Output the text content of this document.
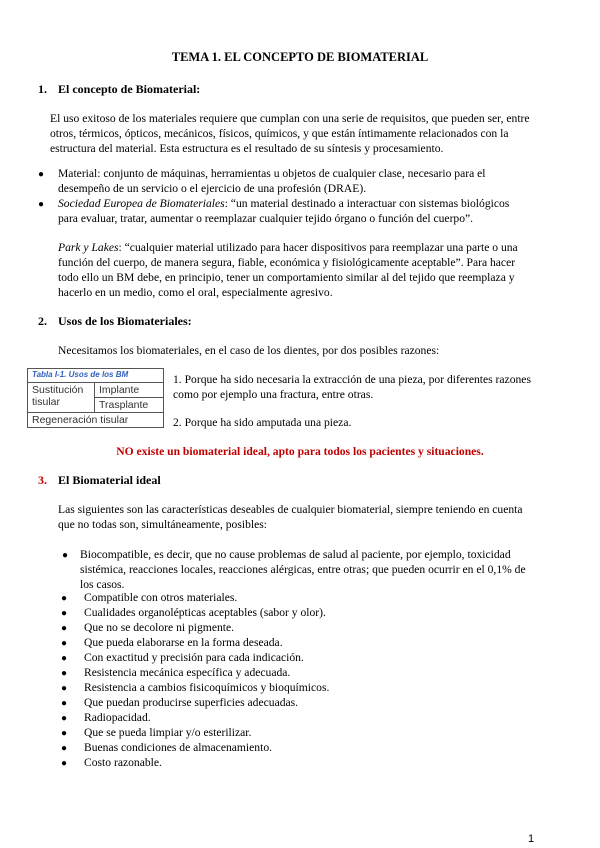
TEMA 1. EL CONCEPTO DE BIOMATERIAL
1. El concepto de Biomaterial:
El uso exitoso de los materiales requiere que cumplan con una serie de requisitos, que pueden ser, entre
otros, térmicos, ópticos, mecánicos, físicos, químicos, y que están íntimamente relacionados con la
estructura del material. Esta estructura es el resultado de su síntesis y procesamiento.
● Material: conjunto de máquinas, herramientas u objetos de cualquier clase, necesario para el
desempeño de un servicio o el ejercicio de una profesión (DRAE).
● Sociedad Europea de Biomateriales: “un material destinado a interactuar con sistemas biológicos
para evaluar, tratar, aumentar o reemplazar cualquier tejido órgano o función del cuerpo”.
Park y Lakes: “cualquier material utilizado para hacer dispositivos para reemplazar una parte o una
función del cuerpo, de manera segura, fiable, económica y fisiológicamente aceptable”. Para hacer
todo ello un BM debe, en principio, tener un comportamiento similar al del tejido que reemplaza y
hacerlo en un medio, como el oral, especialmente agresivo.
2. Usos de los Biomateriales:
Necesitamos los biomateriales, en el caso de los dientes, por dos posibles razones:

Sustitución tisular	Implante
Trasplante
Regeneración tisular
Tabla I-1. Usos de los BM	1. Porque ha sido necesaria la extracción de una pieza, por diferentes razones
como por ejemplo una fractura, entre otras.
2. Porque ha sido amputada una pieza.
NO existe un biomaterial ideal, apto para todos los pacientes y situaciones.
3. El Biomaterial ideal
Las siguientes son las características deseables de cualquier biomaterial, siempre teniendo en cuenta
que no todas son, simultáneamente, posibles:
● Biocompatible, es decir, que no cause problemas de salud al paciente, por ejemplo, toxicidad
sistémica, reacciones locales, reacciones alérgicas, entre otras; que pueden ocurrir en el 0,1% de
los casos.
● Compatible con otros materiales.
● Cualidades organolépticas aceptables (sabor y olor).
● Que no se decolore ni pigmente.
● Que pueda elaborarse en la forma deseada.
● Con exactitud y precisión para cada indicación.
● Resistencia mecánica específica y adecuada.
● Resistencia a cambios fisicoquímicos y bioquímicos.
● Que puedan producirse superficies adecuadas.
● Radiopacidad.
● Que se pueda limpiar y/o esterilizar.
● Buenas condiciones de almacenamiento.
● Costo razonable.
1
